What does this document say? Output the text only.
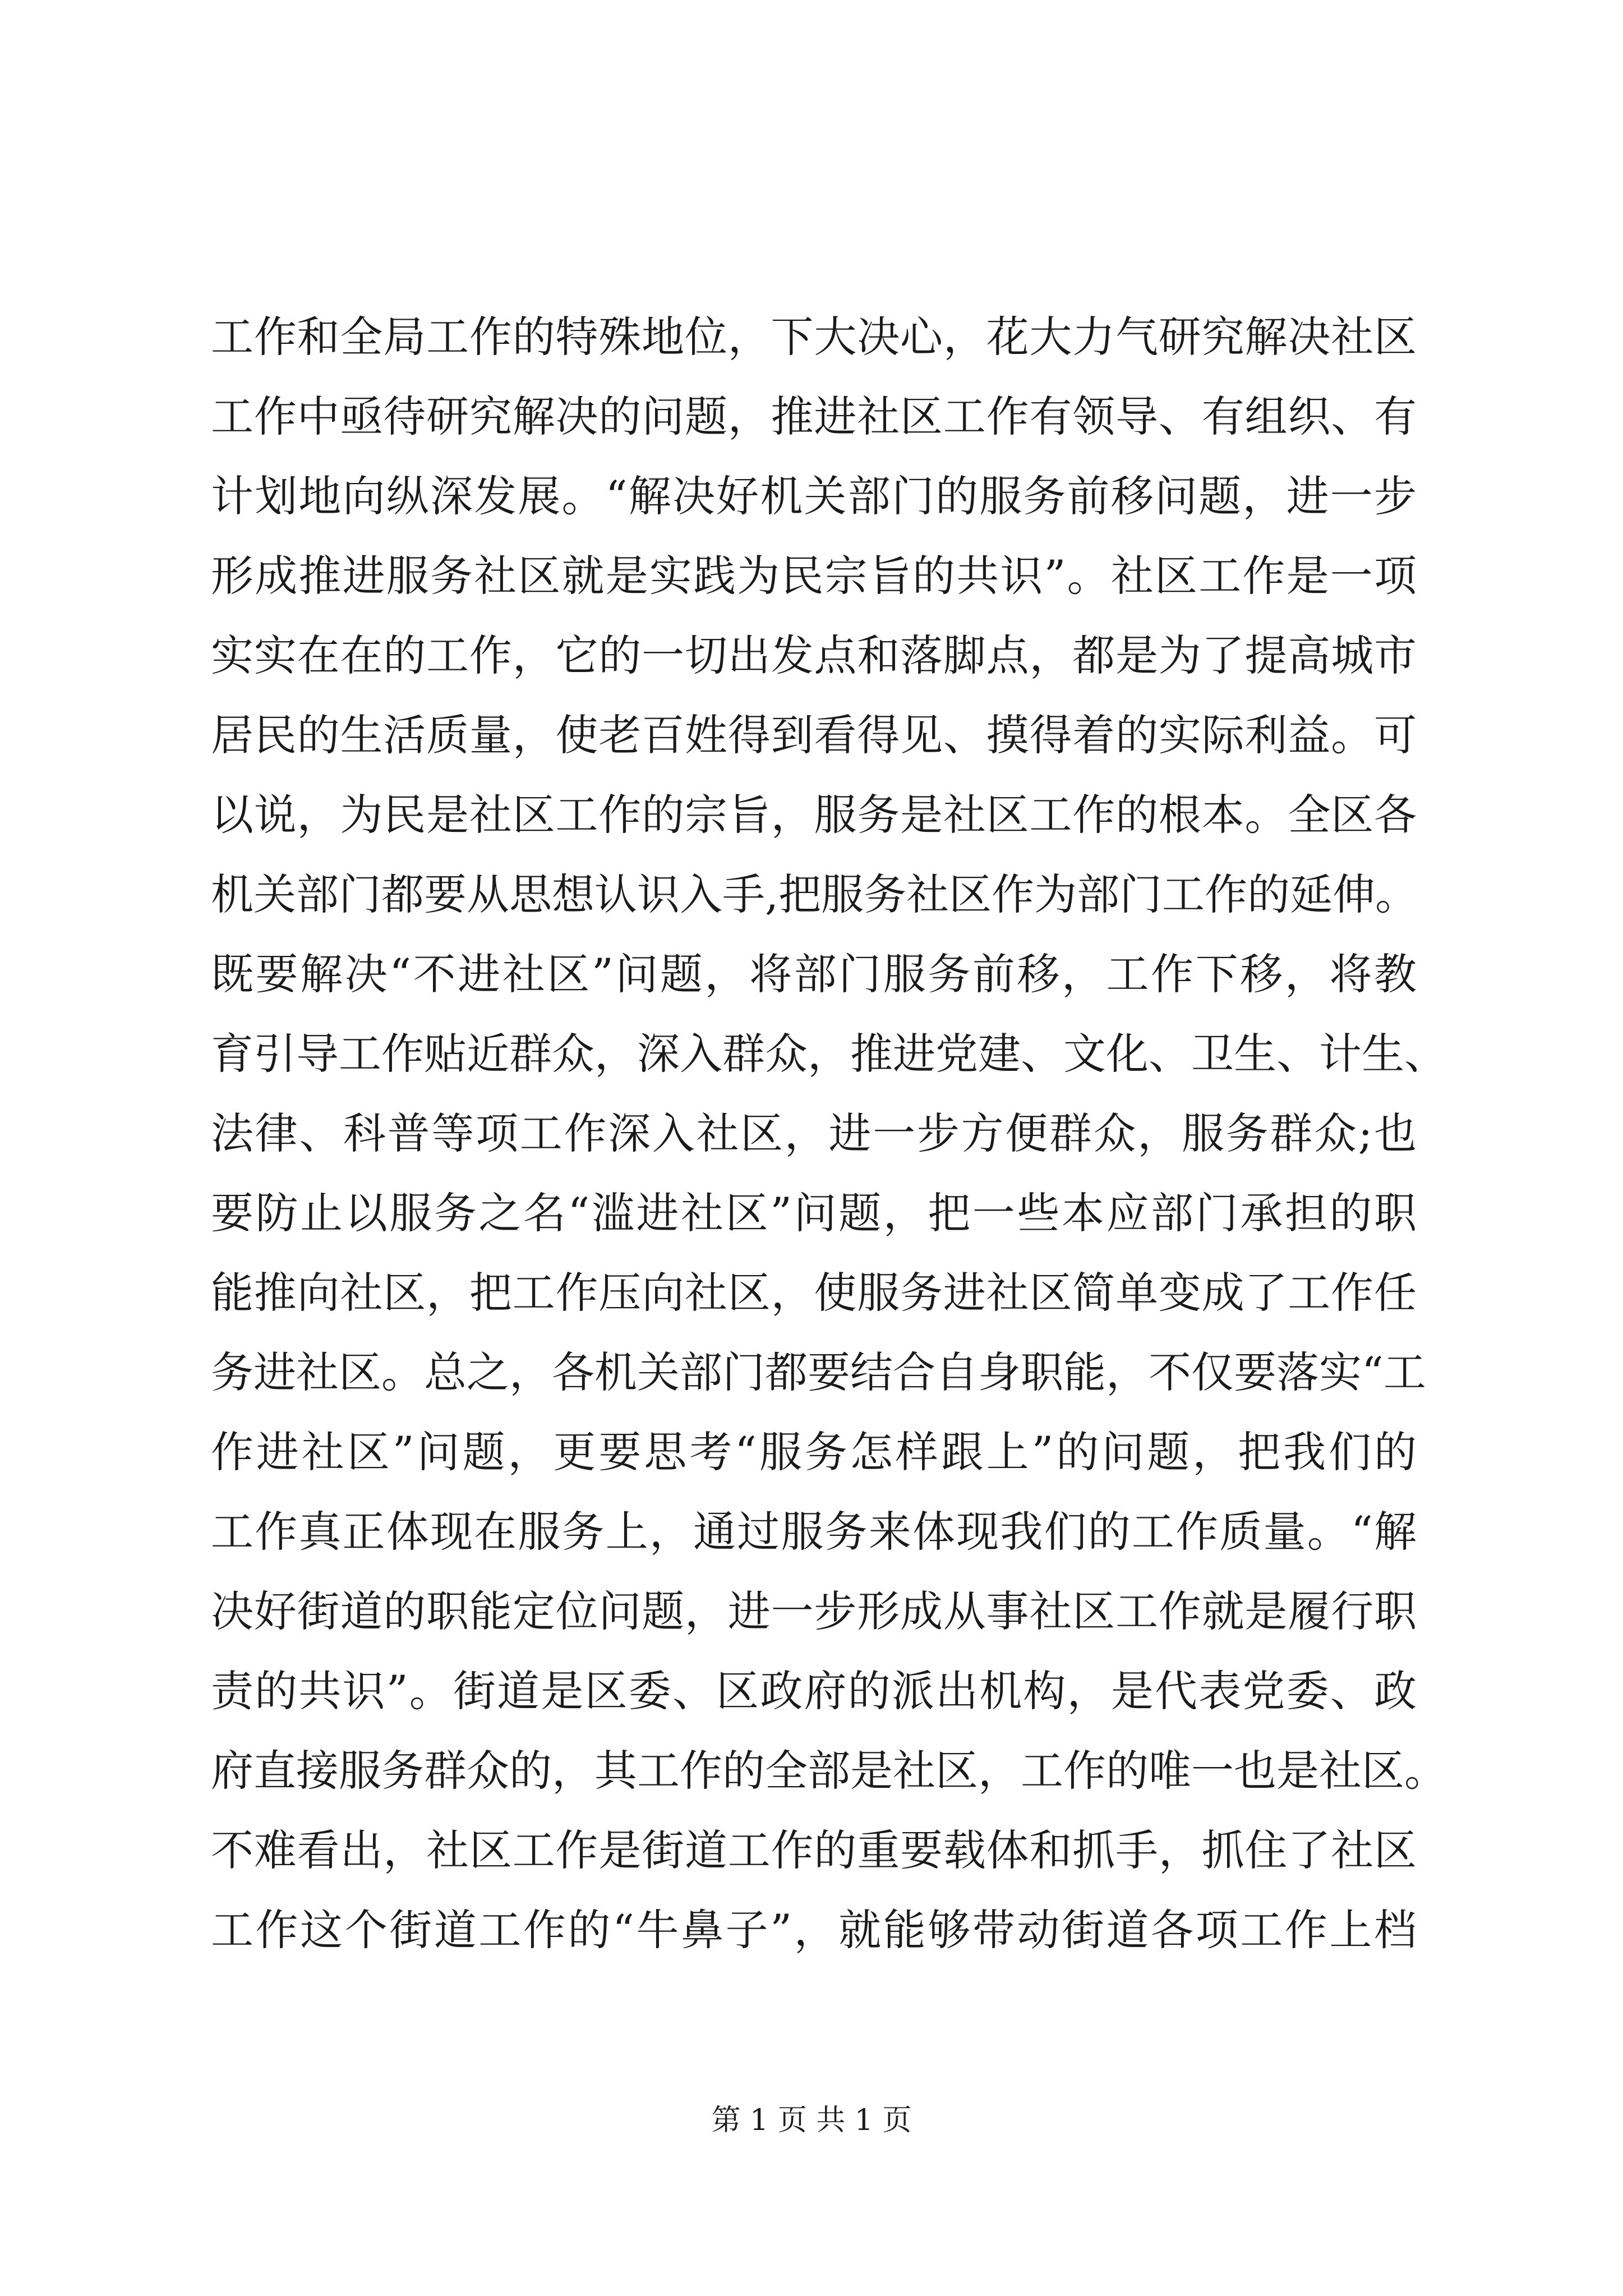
工作和全局工作的特殊地位，下大决心，花大力气研究解决社区
工作中亟待研究解决的问题，推进社区工作有领导、有组织、有
计划地向纵深发展。“解决好机关部门的服务前移问题，进一步
形成推进服务社区就是实践为民宗旨的共识”。社区工作是一项
实实在在的工作，它的一切出发点和落脚点，都是为了提高城市
居民的生活质量，使老百姓得到看得见、摸得着的实际利益。可
以说，为民是社区工作的宗旨，服务是社区工作的根本。全区各
机关部门都要从思想认识入手,把服务社区作为部门工作的延伸。
既要解决“不进社区”问题，将部门服务前移，工作下移，将教
育引导工作贴近群众，深入群众，推进党建、文化、卫生、计生、
法律、科普等项工作深入社区，进一步方便群众，服务群众;也
要防止以服务之名“滥进社区”问题，把一些本应部门承担的职
能推向社区，把工作压向社区，使服务进社区简单变成了工作任
务进社区。总之，各机关部门都要结合自身职能，不仅要落实“工
作进社区”问题，更要思考“服务怎样跟上”的问题，把我们的
工作真正体现在服务上，通过服务来体现我们的工作质量。“解
决好街道的职能定位问题，进一步形成从事社区工作就是履行职
责的共识”。街道是区委、区政府的派出机构，是代表党委、政
府直接服务群众的，其工作的全部是社区，工作的唯一也是社区。
不难看出，社区工作是街道工作的重要载体和抓手，抓住了社区
工作这个街道工作的“牛鼻子”，就能够带动街道各项工作上档
第 1 页 共 1 页
